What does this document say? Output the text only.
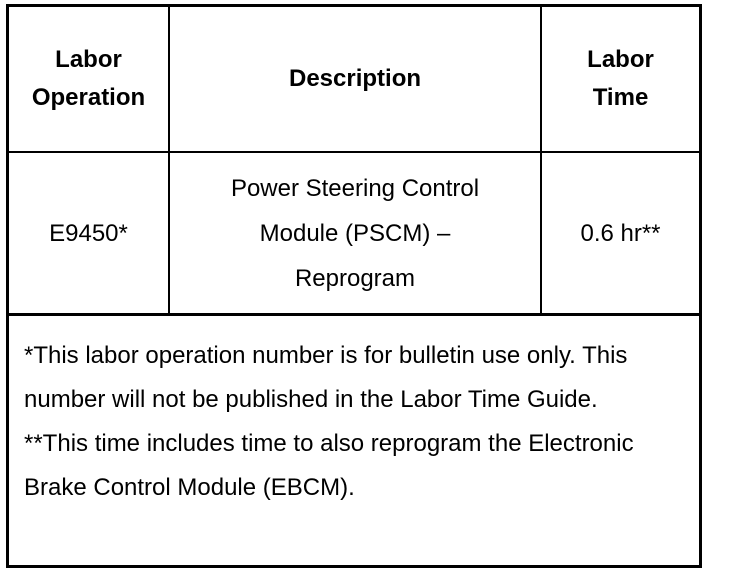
Labor Operation
Description
Labor Time
E9450*
Power Steering Control Module (PSCM) – Reprogram
0.6 hr**
*This labor operation number is for bulletin use only. This number will not be published in the Labor Time Guide. **This time includes time to also reprogram the Electronic Brake Control Module (EBCM).
